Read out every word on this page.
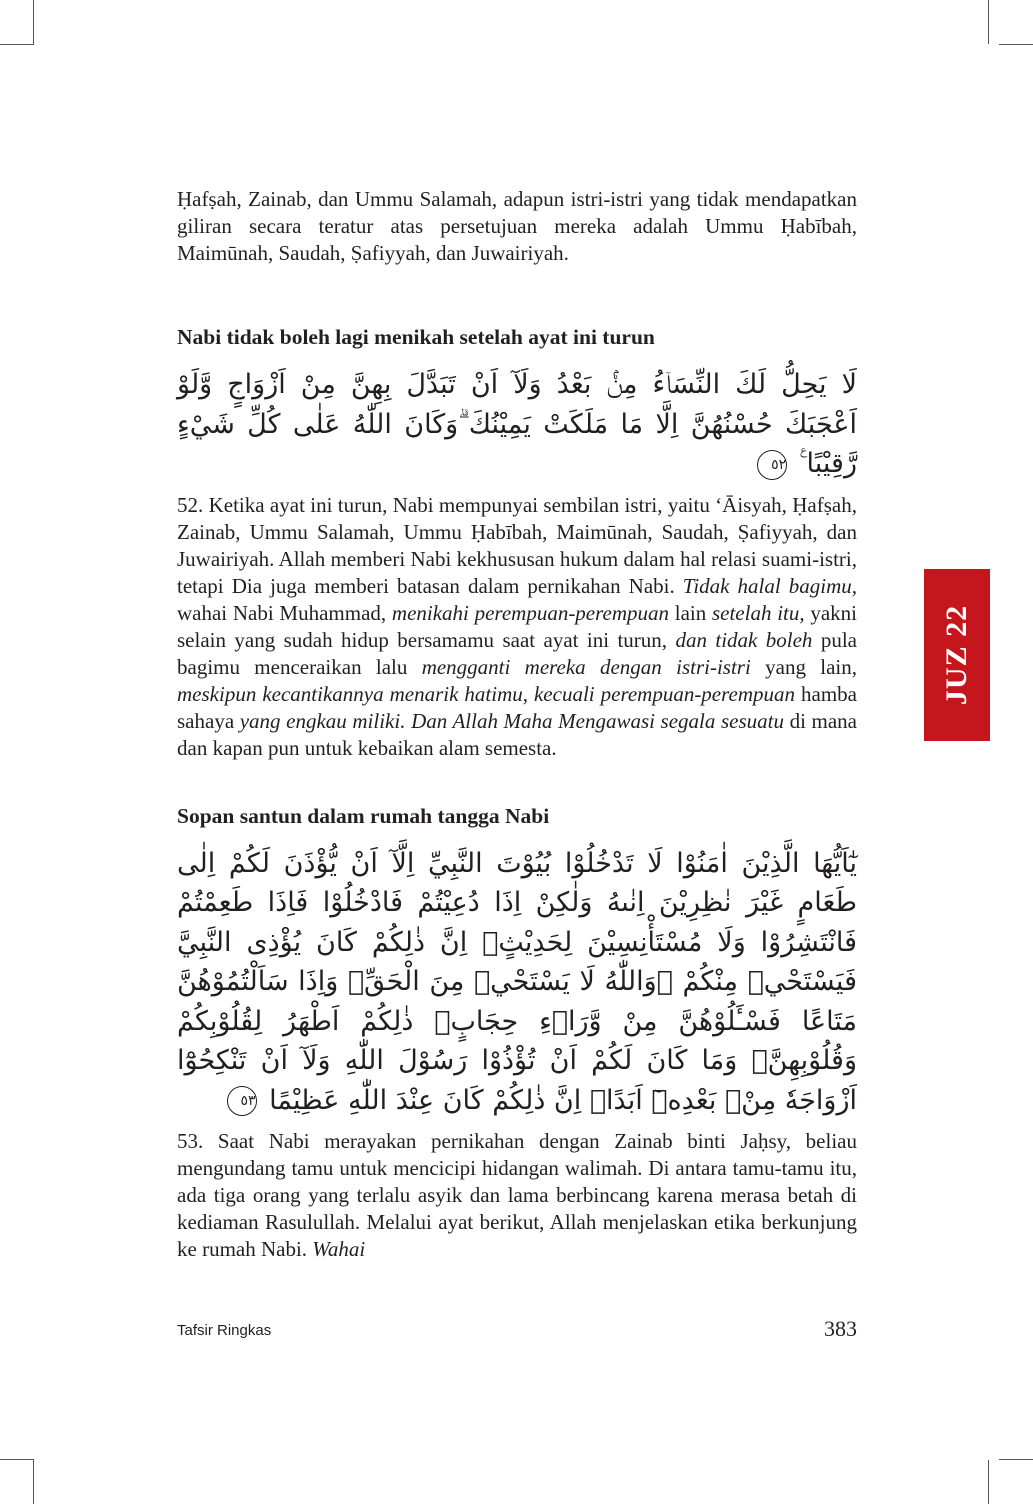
Ḥafṣah, Zainab, dan Ummu Salamah, adapun istri-istri yang tidak mendapatkan giliran secara teratur atas persetujuan mereka adalah Ummu Ḥabībah, Maimūnah, Saudah, Ṣafiyyah, dan Juwairiyah.

Nabi tidak boleh lagi menikah setelah ayat ini turun
لَا يَحِلُّ لَكَ النِّسَاۤءُ مِنْۢ بَعْدُ وَلَآ اَنْ تَبَدَّلَ بِهِنَّ مِنْ اَزْوَاجٍ وَّلَوْ اَعْجَبَكَ حُسْنُهُنَّ اِلَّا مَا مَلَكَتْ يَمِيْنُكَ ۗوَكَانَ اللّٰهُ عَلٰى كُلِّ شَيْءٍ رَّقِيْبًا ࣖ ٥٢

52. Ketika ayat ini turun, Nabi mempunyai sembilan istri, yaitu ‘Āisyah, Ḥafṣah, Zainab, Ummu Salamah, Ummu Ḥabībah, Maimūnah, Saudah, Ṣafiyyah, dan Juwairiyah. Allah memberi Nabi kekhususan hukum dalam hal relasi suami-istri, tetapi Dia juga memberi batasan dalam pernikahan Nabi. Tidak halal bagimu, wahai Nabi Muhammad, menikahi perempuan-perempuan lain setelah itu, yakni selain yang sudah hidup bersamamu saat ayat ini turun, dan tidak boleh pula bagimu menceraikan lalu mengganti mereka dengan istri-istri yang lain, meskipun kecantikannya menarik hatimu, kecuali perempuan-perempuan hamba sahaya yang engkau miliki. Dan Allah Maha Mengawasi segala sesuatu di mana dan kapan pun untuk kebaikan alam semesta.

Sopan santun dalam rumah tangga Nabi
يٰٓاَيُّهَا الَّذِيْنَ اٰمَنُوْا لَا تَدْخُلُوْا بُيُوْتَ النَّبِيِّ اِلَّآ اَنْ يُّؤْذَنَ لَكُمْ اِلٰى طَعَامٍ غَيْرَ نٰظِرِيْنَ اِنٰىهُ وَلٰكِنْ اِذَا دُعِيْتُمْ فَادْخُلُوْا فَاِذَا طَعِمْتُمْ فَانْتَشِرُوْا وَلَا مُسْتَأْنِسِيْنَ لِحَدِيْثٍۗ اِنَّ ذٰلِكُمْ كَانَ يُؤْذِى النَّبِيَّ فَيَسْتَحْيٖ مِنْكُمْ ۖوَاللّٰهُ لَا يَسْتَحْيٖ مِنَ الْحَقِّۗ وَاِذَا سَاَلْتُمُوْهُنَّ مَتَاعًا فَسْـَٔلُوْهُنَّ مِنْ وَّرَاۤءِ حِجَابٍۗ ذٰلِكُمْ اَطْهَرُ لِقُلُوْبِكُمْ وَقُلُوْبِهِنَّۗ وَمَا كَانَ لَكُمْ اَنْ تُؤْذُوْا رَسُوْلَ اللّٰهِ وَلَآ اَنْ تَنْكِحُوْٓا اَزْوَاجَهٗ مِنْۢ بَعْدِهٖٓ اَبَدًاۗ اِنَّ ذٰلِكُمْ كَانَ عِنْدَ اللّٰهِ عَظِيْمًا ٥٣

53. Saat Nabi merayakan pernikahan dengan Zainab binti Jaḥsy, beliau mengundang tamu untuk mencicipi hidangan walimah. Di antara tamu-tamu itu, ada tiga orang yang terlalu asyik dan lama berbincang karena merasa betah di kediaman Rasulullah. Melalui ayat berikut, Allah menjelaskan etika berkunjung ke rumah Nabi. Wahai

JUZ 22
Tafsir Ringkas	383
